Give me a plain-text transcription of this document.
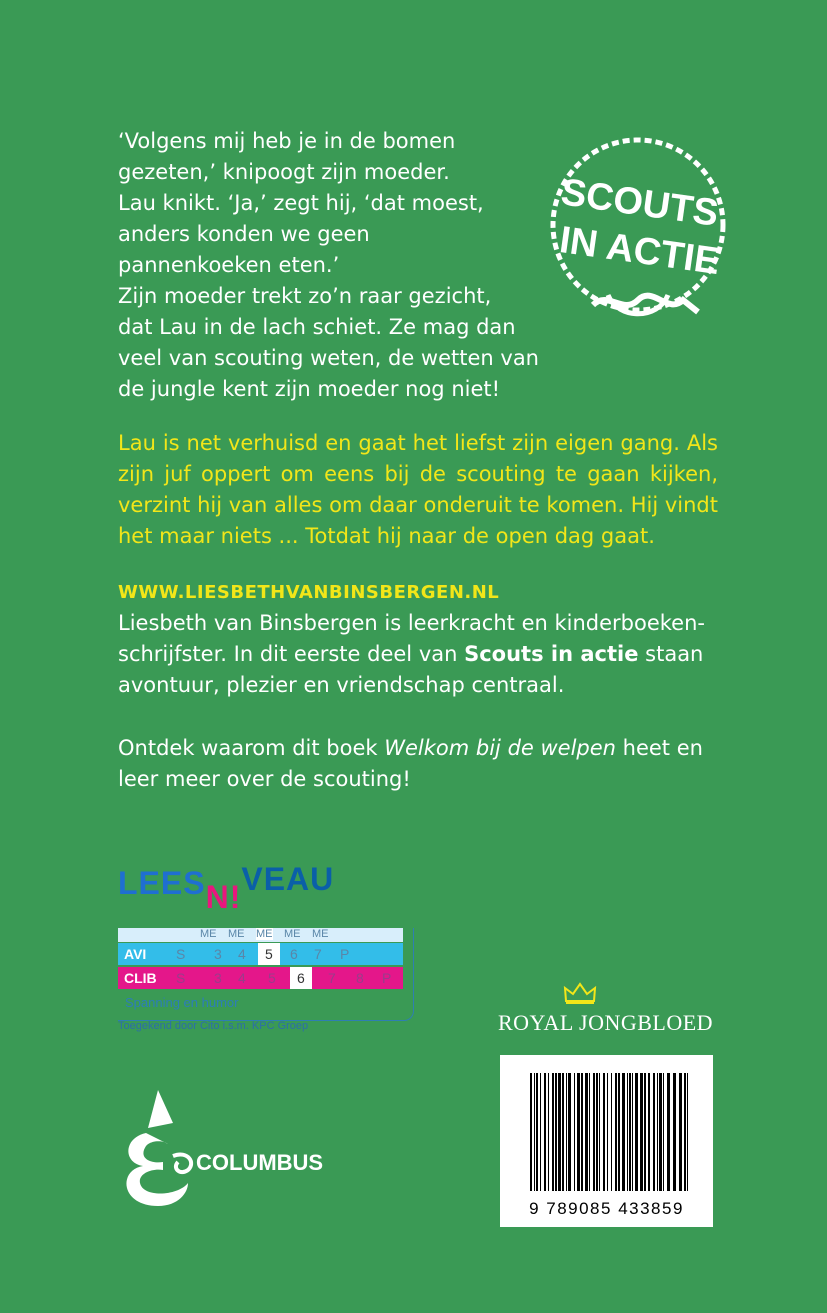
‘Volgens mij heb je in de bomen

gezeten,’ knipoogt zijn moeder.

Lau knikt. ‘Ja,’ zegt hij, ‘dat moest,

anders konden we geen

pannenkoeken eten.’

Zijn moeder trekt zo’n raar gezicht,

dat Lau in de lach schiet. Ze mag dan

veel van scouting weten, de wetten van

de jungle kent zijn moeder nog niet!

SCOUTS
IN ACTIE
Lau is net verhuisd en gaat het liefst zijn eigen gang. Als zijn juf oppert om eens bij de scouting te gaan kijken, verzint hij van alles om daar onderuit te komen. Hij vindt het maar niets ... Totdat hij naar de open dag gaat.
WWW.LIESBETHVANBINSBERGEN.NL
Liesbeth van Binsbergen is leerkracht en kinderboeken-schrijfster. In dit eerste deel van Scouts in actie staan avontuur, plezier en vriendschap centraal.
Ontdek waarom dit boek Welkom bij de welpen heet en leer meer over de scouting!
LEESN!VEAU
ME ME ME ME ME
AVI S 3 4 5 6 7 P
CLIB S 3 4 5 6 7 8 P
Spanning en humor
Toegekend door Cito i.s.m. KPC Groep	ROYAL JONGBLOED
9 789085 433859
COLUMBUS
